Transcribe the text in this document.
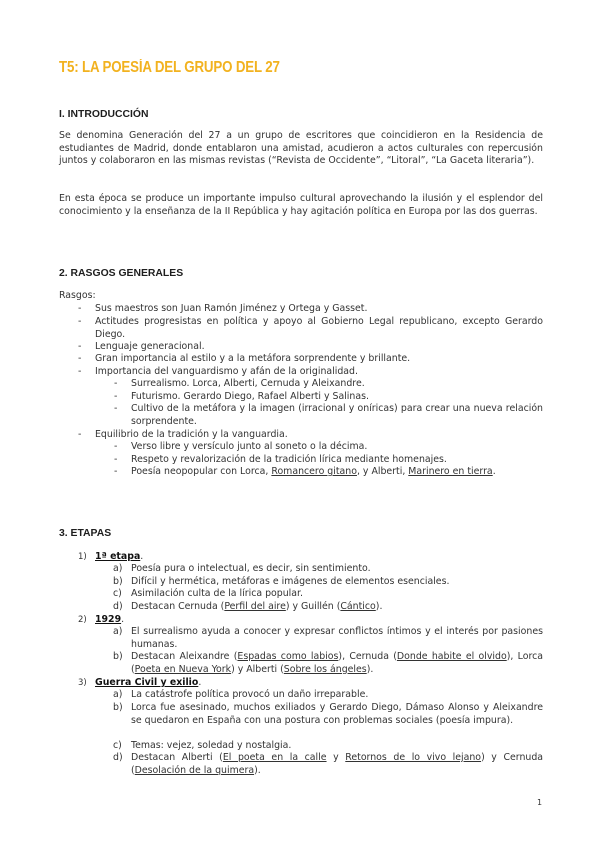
T5: LA POESÍA DEL GRUPO DEL 27
I. INTRODUCCIÓN

Se denomina Generación del 27 a un grupo de escritores que coincidieron en la Residencia de estudiantes de Madrid, donde entablaron una amistad, acudieron a actos culturales con repercusión juntos y colaboraron en las mismas revistas (“Revista de Occidente”, “Litoral”, “La Gaceta literaria”).

En esta época se produce un importante impulso cultural aprovechando la ilusión y el esplendor del conocimiento y la enseñanza de la II República y hay agitación política en Europa por las dos guerras.

2. RASGOS GENERALES
Rasgos:
- Sus maestros son Juan Ramón Jiménez y Ortega y Gasset.
- Actitudes progresistas en política y apoyo al Gobierno Legal republicano, excepto Gerardo Diego.
- Lenguaje generacional.
- Gran importancia al estilo y a la metáfora sorprendente y brillante.
- Importancia del vanguardismo y afán de la originalidad.
- Surrealismo. Lorca, Alberti, Cernuda y Aleixandre.
- Futurismo. Gerardo Diego, Rafael Alberti y Salinas.
- Cultivo de la metáfora y la imagen (irracional y oníricas) para crear una nueva relación sorprendente.
- Equilibrio de la tradición y la vanguardia.
- Verso libre y versículo junto al soneto o la décima.
- Respeto y revalorización de la tradición lírica mediante homenajes.
- Poesía neopopular con Lorca, Romancero gitano, y Alberti, Marinero en tierra.
3. ETAPAS
1) 1ª etapa.
a) Poesía pura o intelectual, es decir, sin sentimiento.
b) Difícil y hermética, metáforas e imágenes de elementos esenciales.
c) Asimilación culta de la lírica popular.
d) Destacan Cernuda (Perfil del aire) y Guillén (Cántico).
2) 1929.
a) El surrealismo ayuda a conocer y expresar conflictos íntimos y el interés por pasiones humanas.
b) Destacan Aleixandre (Espadas como labios), Cernuda (Donde habite el olvido), Lorca (Poeta en Nueva York) y Alberti (Sobre los ángeles).
3) Guerra Civil y exilio.
a) La catástrofe política provocó un daño irreparable.
b) Lorca fue asesinado, muchos exiliados y Gerardo Diego, Dámaso Alonso y Aleixandre se quedaron en España con una postura con problemas sociales (poesía impura).
c) Temas: vejez, soledad y nostalgia.
d) Destacan Alberti (El poeta en la calle y Retornos de lo vivo lejano) y Cernuda (Desolación de la quimera).
1
